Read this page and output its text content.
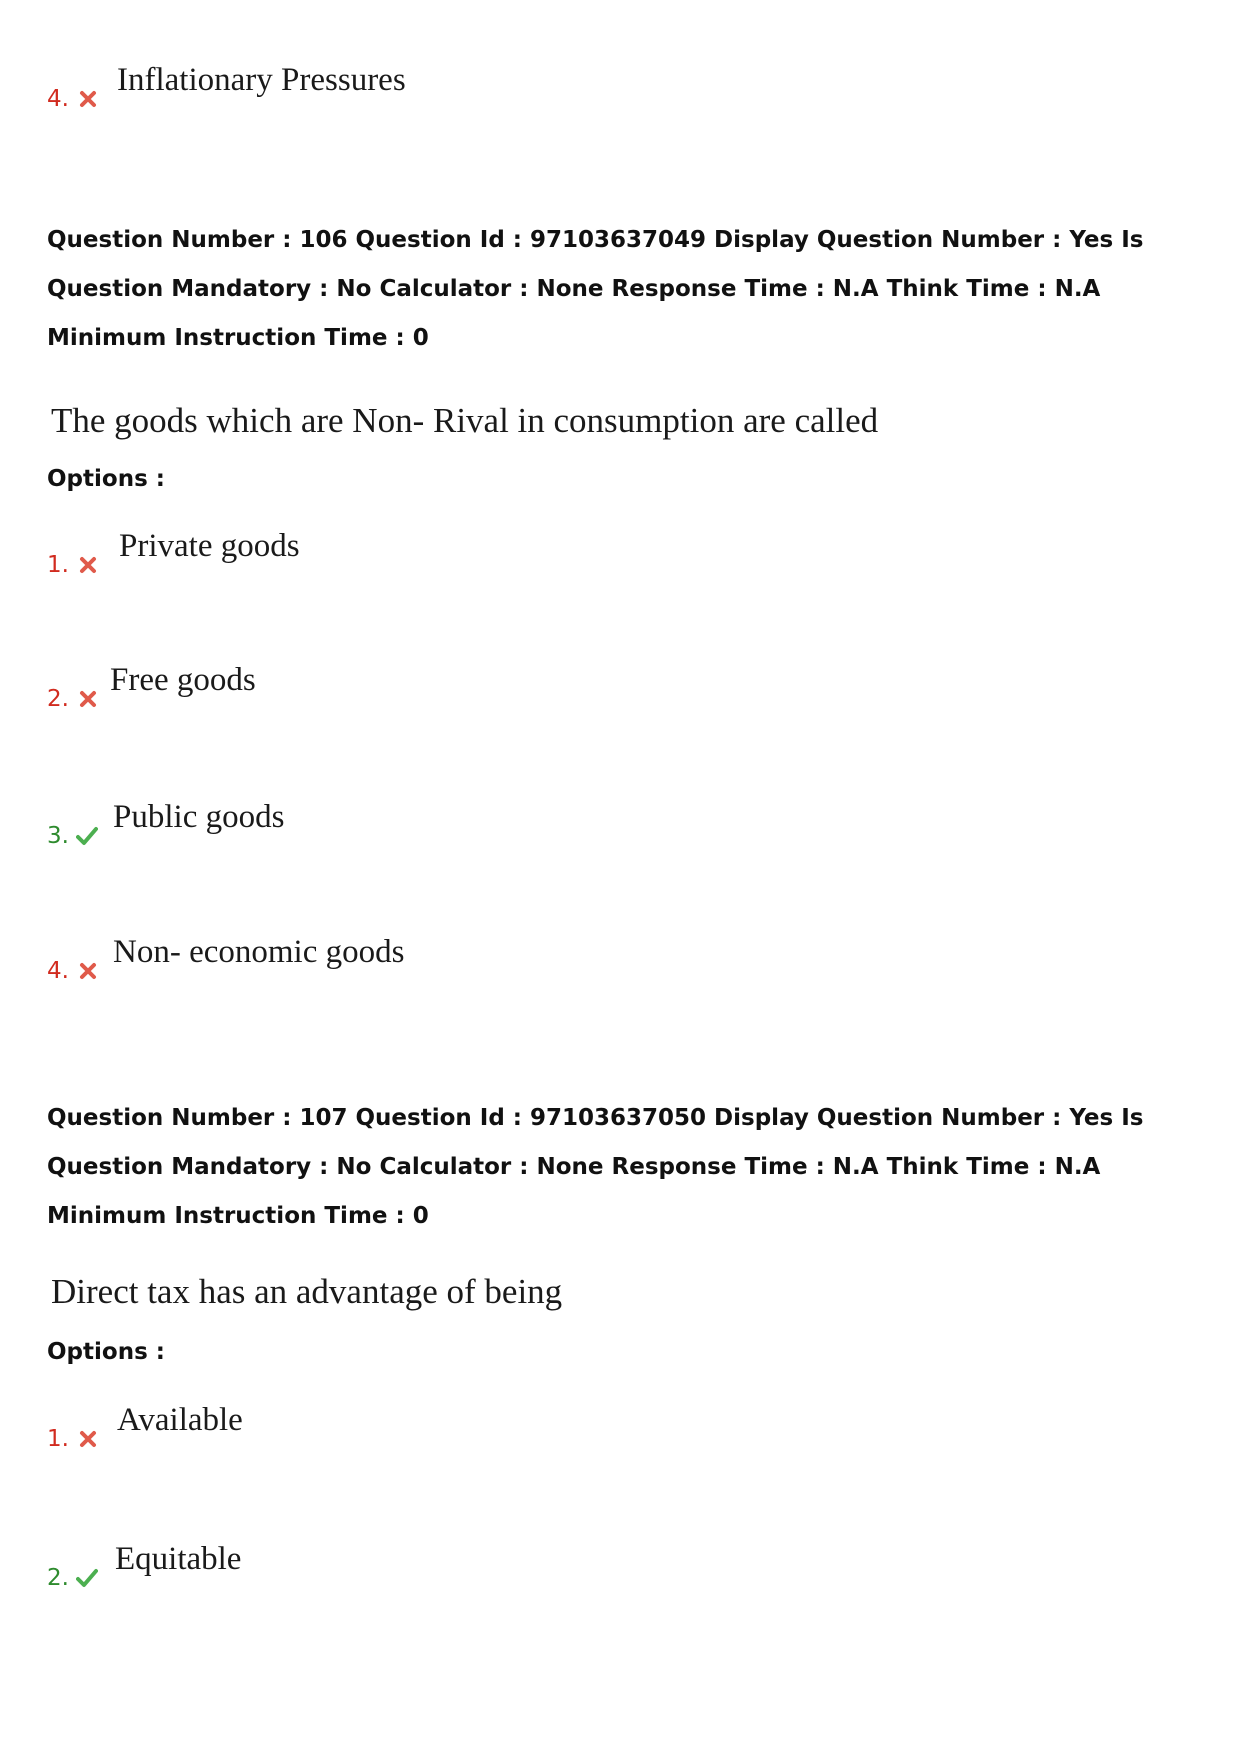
4.
Inflationary Pressures
Question Number : 106 Question Id : 97103637049 Display Question Number : Yes Is Question Mandatory : No Calculator : None Response Time : N.A Think Time : N.A Minimum Instruction Time : 0
The goods which are Non- Rival in consumption are called
Options :
1.
Private goods
2.
Free goods
3.
Public goods
4.
Non- economic goods
Question Number : 107 Question Id : 97103637050 Display Question Number : Yes Is Question Mandatory : No Calculator : None Response Time : N.A Think Time : N.A Minimum Instruction Time : 0
Direct tax has an advantage of being
Options :
1.
Available
2.
Equitable
